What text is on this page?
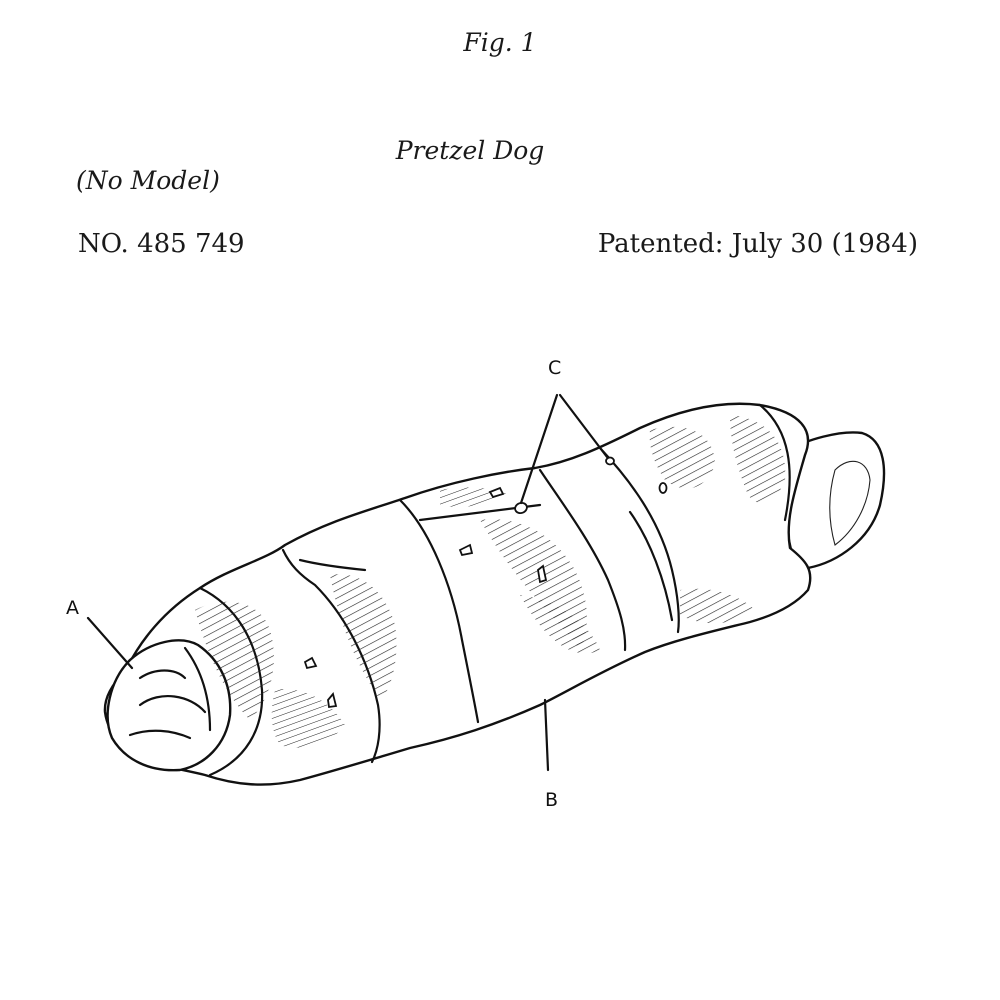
Fig. 1
Pretzel Dog
(No Model)
NO. 485 749	Patented: July 30 (1984)
A
B
C
